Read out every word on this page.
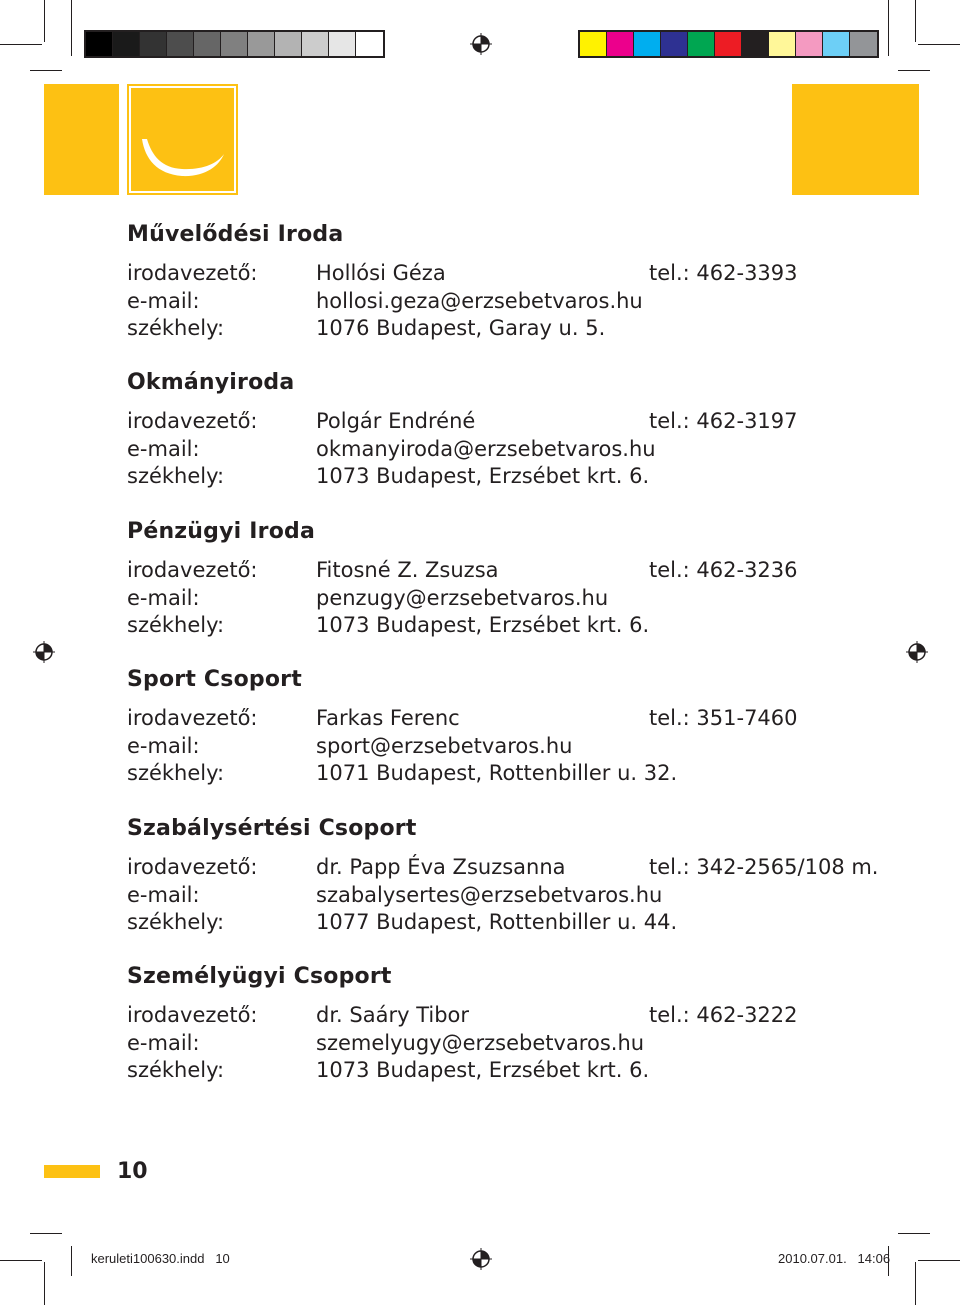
Művelődési Iroda
irodavezető:	Hollósi Géza	tel.: 462-3393
e-mail:	hollosi.geza@erzsebetvaros.hu
székhely:	1076 Budapest, Garay u. 5.
Okmányiroda
irodavezető:	Polgár Endréné	tel.: 462-3197
e-mail:	okmanyiroda@erzsebetvaros.hu
székhely:	1073 Budapest, Erzsébet krt. 6.
Pénzügyi Iroda
irodavezető:	Fitosné Z. Zsuzsa	tel.: 462-3236
e-mail:	penzugy@erzsebetvaros.hu
székhely:	1073 Budapest, Erzsébet krt. 6.
Sport Csoport
irodavezető:	Farkas Ferenc	tel.: 351-7460
e-mail:	sport@erzsebetvaros.hu
székhely:	1071 Budapest, Rottenbiller u. 32.
Szabálysértési Csoport
irodavezető:	dr. Papp Éva Zsuzsanna	tel.: 342-2565/108 m.
e-mail:	szabalysertes@erzsebetvaros.hu
székhely:	1077 Budapest, Rottenbiller u. 44.
Személyügyi Csoport
irodavezető:	dr. Saáry Tibor	tel.: 462-3222
e-mail:	szemelyugy@erzsebetvaros.hu
székhely:	1073 Budapest, Erzsébet krt. 6.
10
keruleti100630.indd   10	2010.07.01.   14:06
